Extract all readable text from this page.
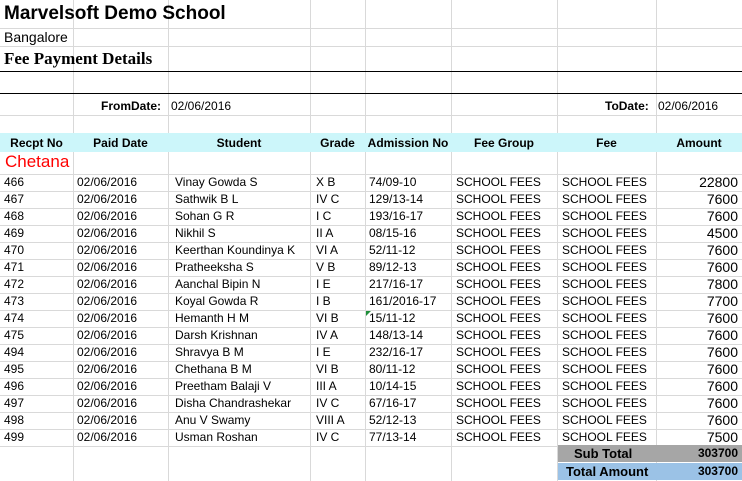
Marvelsoft Demo School
Bangalore
Fee Payment Details
FromDate: 02/06/2016	ToDate: 02/06/2016
Recpt No	Paid Date	Student	Grade	Admission No	Fee Group	Fee	Amount
Chetana
466	02/06/2016	Vinay Gowda S	X B	74/09-10	SCHOOL FEES	SCHOOL FEES	22800
467	02/06/2016	Sathwik B L	IV C	129/13-14	SCHOOL FEES	SCHOOL FEES	7600
468	02/06/2016	Sohan G R	I C	193/16-17	SCHOOL FEES	SCHOOL FEES	7600
469	02/06/2016	Nikhil S	II A	08/15-16	SCHOOL FEES	SCHOOL FEES	4500
470	02/06/2016	Keerthan Koundinya K	VI A	52/11-12	SCHOOL FEES	SCHOOL FEES	7600
471	02/06/2016	Pratheeksha S	V B	89/12-13	SCHOOL FEES	SCHOOL FEES	7600
472	02/06/2016	Aanchal Bipin N	I E	217/16-17	SCHOOL FEES	SCHOOL FEES	7800
473	02/06/2016	Koyal Gowda R	I B	161/2016-17	SCHOOL FEES	SCHOOL FEES	7700
474	02/06/2016	Hemanth H M	VI B	15/11-12	SCHOOL FEES	SCHOOL FEES	7600
475	02/06/2016	Darsh Krishnan	IV A	148/13-14	SCHOOL FEES	SCHOOL FEES	7600
494	02/06/2016	Shravya B M	I E	232/16-17	SCHOOL FEES	SCHOOL FEES	7600
495	02/06/2016	Chethana B M	VI B	80/11-12	SCHOOL FEES	SCHOOL FEES	7600
496	02/06/2016	Preetham Balaji V	III A	10/14-15	SCHOOL FEES	SCHOOL FEES	7600
497	02/06/2016	Disha Chandrashekar	IV C	67/16-17	SCHOOL FEES	SCHOOL FEES	7600
498	02/06/2016	Anu V Swamy	VIII A	52/12-13	SCHOOL FEES	SCHOOL FEES	7600
499	02/06/2016	Usman Roshan	IV C	77/13-14	SCHOOL FEES	SCHOOL FEES	7500
Sub Total	303700
Total Amount	303700
